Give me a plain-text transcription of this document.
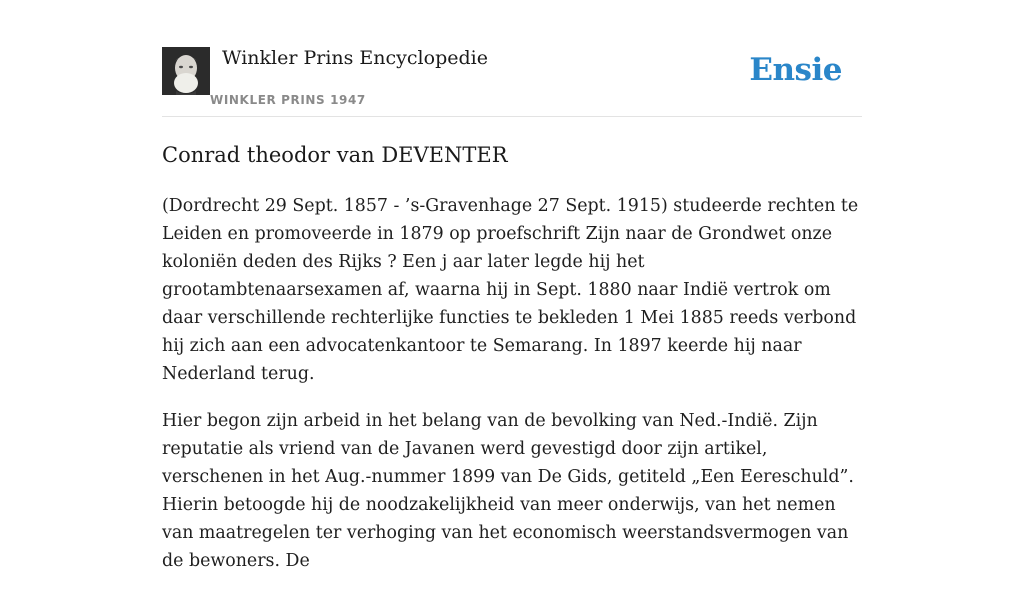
Winkler Prins Encyclopedie
WINKLER PRINS 1947
Ensie
Conrad theodor van DEVENTER

(Dordrecht 29 Sept. 1857 - ’s-Gravenhage 27 Sept. 1915) studeerde rechten te Leiden en promoveerde in 1879 op proefschrift Zijn naar de Grondwet onze koloniën deden des Rijks ? Een j aar later legde hij het grootambtenaarsexamen af, waarna hij in Sept. 1880 naar Indië vertrok om daar verschillende rechterlijke functies te bekleden 1 Mei 1885 reeds verbond hij zich aan een advocatenkantoor te Semarang. In 1897 keerde hij naar Nederland terug.

Hier begon zijn arbeid in het belang van de bevolking van Ned.-Indië. Zijn reputatie als vriend van de Javanen werd gevestigd door zijn artikel, verschenen in het Aug.-nummer 1899 van De Gids, getiteld „Een Eereschuld”. Hierin betoogde hij de noodzakelijkheid van meer onderwijs, van het nemen van maatregelen ter verhoging van het economisch weerstandsvermogen van de bewoners. De
